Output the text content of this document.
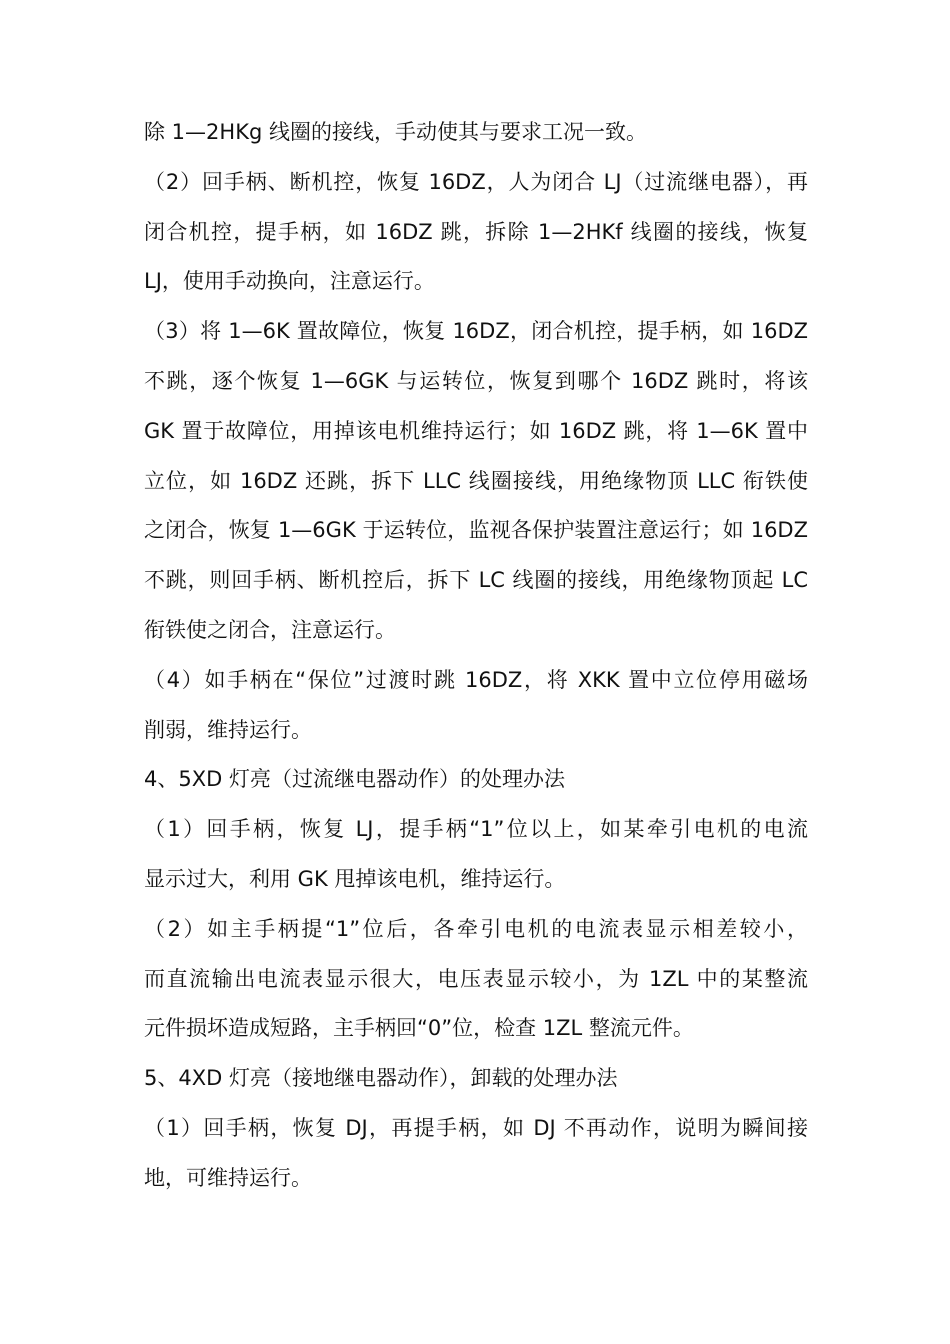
除 1—2HKg 线圈的接线，手动使其与要求工况一致。
（2）回手柄、断机控，恢复 16DZ，人为闭合 LJ（过流继电器），再
闭合机控，提手柄，如 16DZ 跳，拆除 1—2HKf 线圈的接线，恢复
LJ，使用手动换向，注意运行。
（3）将 1—6K 置故障位，恢复 16DZ，闭合机控，提手柄，如 16DZ
不跳，逐个恢复 1—6GK 与运转位，恢复到哪个 16DZ 跳时，将该
GK 置于故障位，用掉该电机维持运行；如 16DZ 跳，将 1—6K 置中
立位，如 16DZ 还跳，拆下 LLC 线圈接线，用绝缘物顶 LLC 衔铁使
之闭合，恢复 1—6GK 于运转位，监视各保护装置注意运行；如 16DZ
不跳，则回手柄、断机控后，拆下 LC 线圈的接线，用绝缘物顶起 LC
衔铁使之闭合，注意运行。
（4）如手柄在“保位”过渡时跳 16DZ，将 XKK 置中立位停用磁场
削弱，维持运行。
4、5XD 灯亮（过流继电器动作）的处理办法
（1）回手柄，恢复 LJ，提手柄“1”位以上，如某牵引电机的电流
显示过大，利用 GK 甩掉该电机，维持运行。
（2）如主手柄提“1”位后，各牵引电机的电流表显示相差较小，
而直流输出电流表显示很大，电压表显示较小，为 1ZL 中的某整流
元件损坏造成短路，主手柄回“0”位，检查 1ZL 整流元件。
5、4XD 灯亮（接地继电器动作），卸载的处理办法
（1）回手柄，恢复 DJ，再提手柄，如 DJ 不再动作，说明为瞬间接
地，可维持运行。
